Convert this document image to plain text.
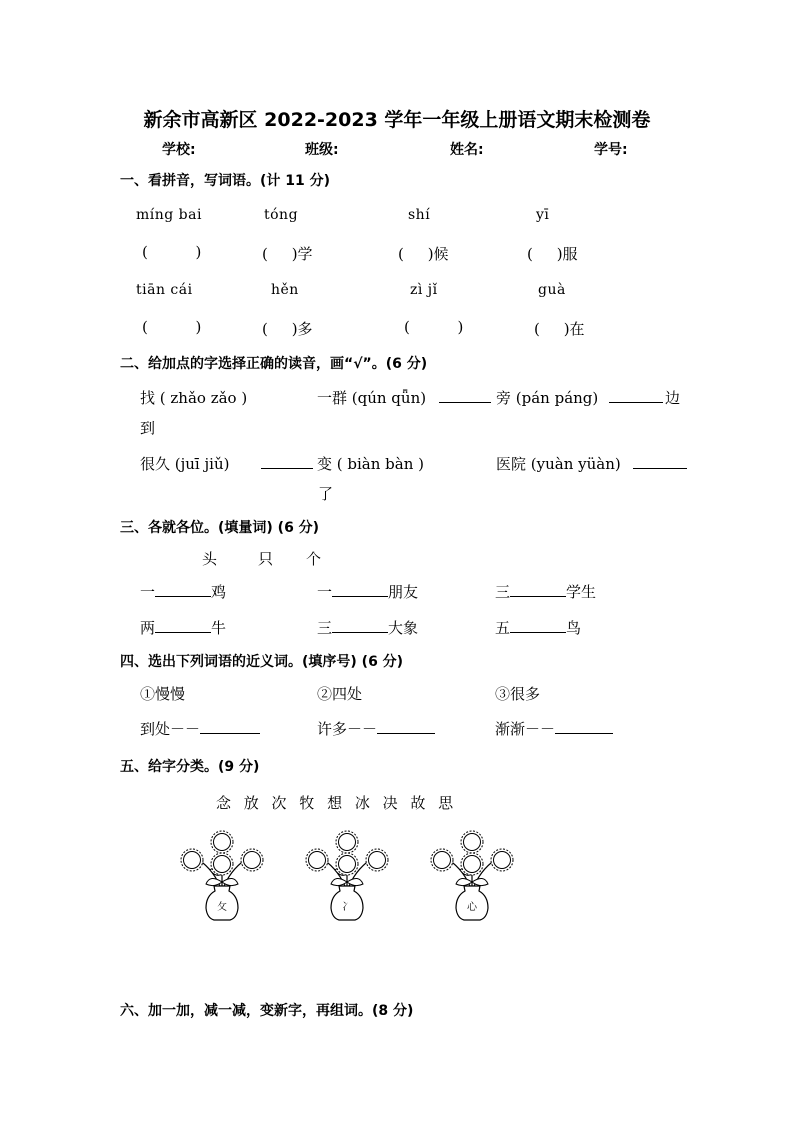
新余市高新区 2022-2023 学年一年级上册语文期末检测卷
学校:	班级:	姓名:	学号:
一、看拼音，写词语。(计 11 分)
míng bai	tóng	shí	yī
(          )	(     )学	(     )候	(     )服
tiān cái	hěn	zì jǐ	guà
(          )	(     )多	(          )	(     )在
二、给加点的字选择正确的读音，画“√”。(6 分)
找 ( zhǎo zǎo )	一群 (qún qǖn)	旁 (pán páng)	边
到
很久 (juī jiǔ)	变 ( biàn bàn )	医院 (yuàn yüàn)
了
三、各就各位。(填量词) (6 分)
头	只 个
一	鸡	一	朋友	三	学生
两	牛	三	大象	五	鸟
四、选出下列词语的近义词。(填序号) (6 分)
①慢慢	②四处	③很多
到处－－	许多－－	渐渐－－
五、给字分类。(9 分)
念 放 次 牧 想 冰 决 故 思
攵	冫	心
六、加一加，减一减，变新字，再组词。(8 分)
